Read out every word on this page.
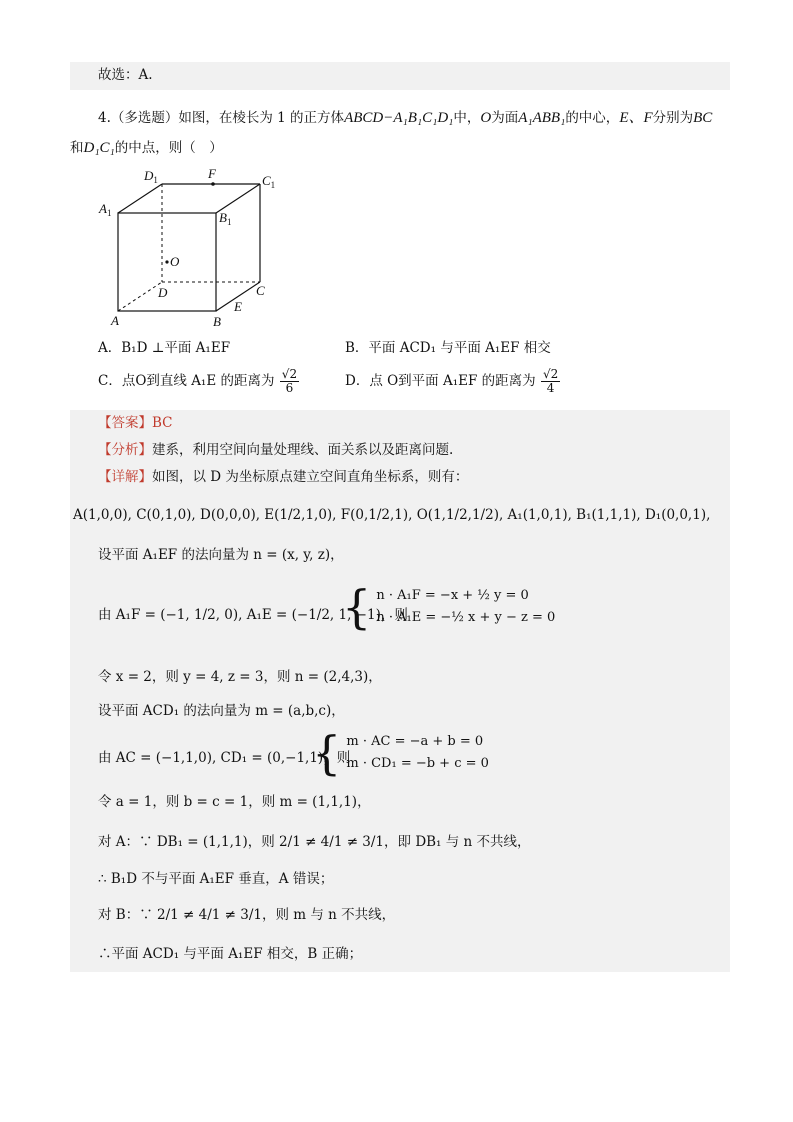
故选：A.
4.（多选题）如图，在棱长为 1 的正方体ABCD−A₁B₁C₁D₁中，O为面A₁ABB₁的中心，E、F分别为BC
和D₁C₁的中点，则（　）
$D_1$	F	$C_1$
$A_1$	$B_1$
O
D	C
A	B
E
A．B₁D ⊥平面 A₁EF	B．平面 ACD₁ 与平面 A₁EF 相交
C．点O到直线 A₁E 的距离为 $\frac{√2}{6}$	D．点 O到平面 A₁EF 的距离为 $\frac{√2}{4}$
【答案】BC
【分析】建系，利用空间向量处理线、面关系以及距离问题.
【详解】如图，以 D 为坐标原点建立空间直角坐标系，则有：
A(1,0,0), C(0,1,0), D(0,0,0), E(1/2,1,0), F(0,1/2,1), O(1,1/2,1/2), A₁(1,0,1), B₁(1,1,1), D₁(0,0,1),
设平面 A₁EF 的法向量为 n = (x, y, z)，
由 A₁F = (−1, 1/2, 0), A₁E = (−1/2, 1, −1)，则
{ n · A₁F = −x + ½ y = 0
n · A₁E = −½ x + y − z = 0
令 x = 2，则 y = 4, z = 3，则 n = (2,4,3)，
设平面 ACD₁ 的法向量为 m = (a,b,c)，
由 AC = (−1,1,0), CD₁ = (0,−1,1)，则
{ m · AC = −a + b = 0
m · CD₁ = −b + c = 0
令 a = 1，则 b = c = 1，则 m = (1,1,1)，
对 A：∵ DB₁ = (1,1,1)，则 2/1 ≠ 4/1 ≠ 3/1，即 DB₁ 与 n 不共线，
∴ B₁D 不与平面 A₁EF 垂直，A 错误；
对 B：∵ 2/1 ≠ 4/1 ≠ 3/1，则 m 与 n 不共线，
∴平面 ACD₁ 与平面 A₁EF 相交，B 正确；
